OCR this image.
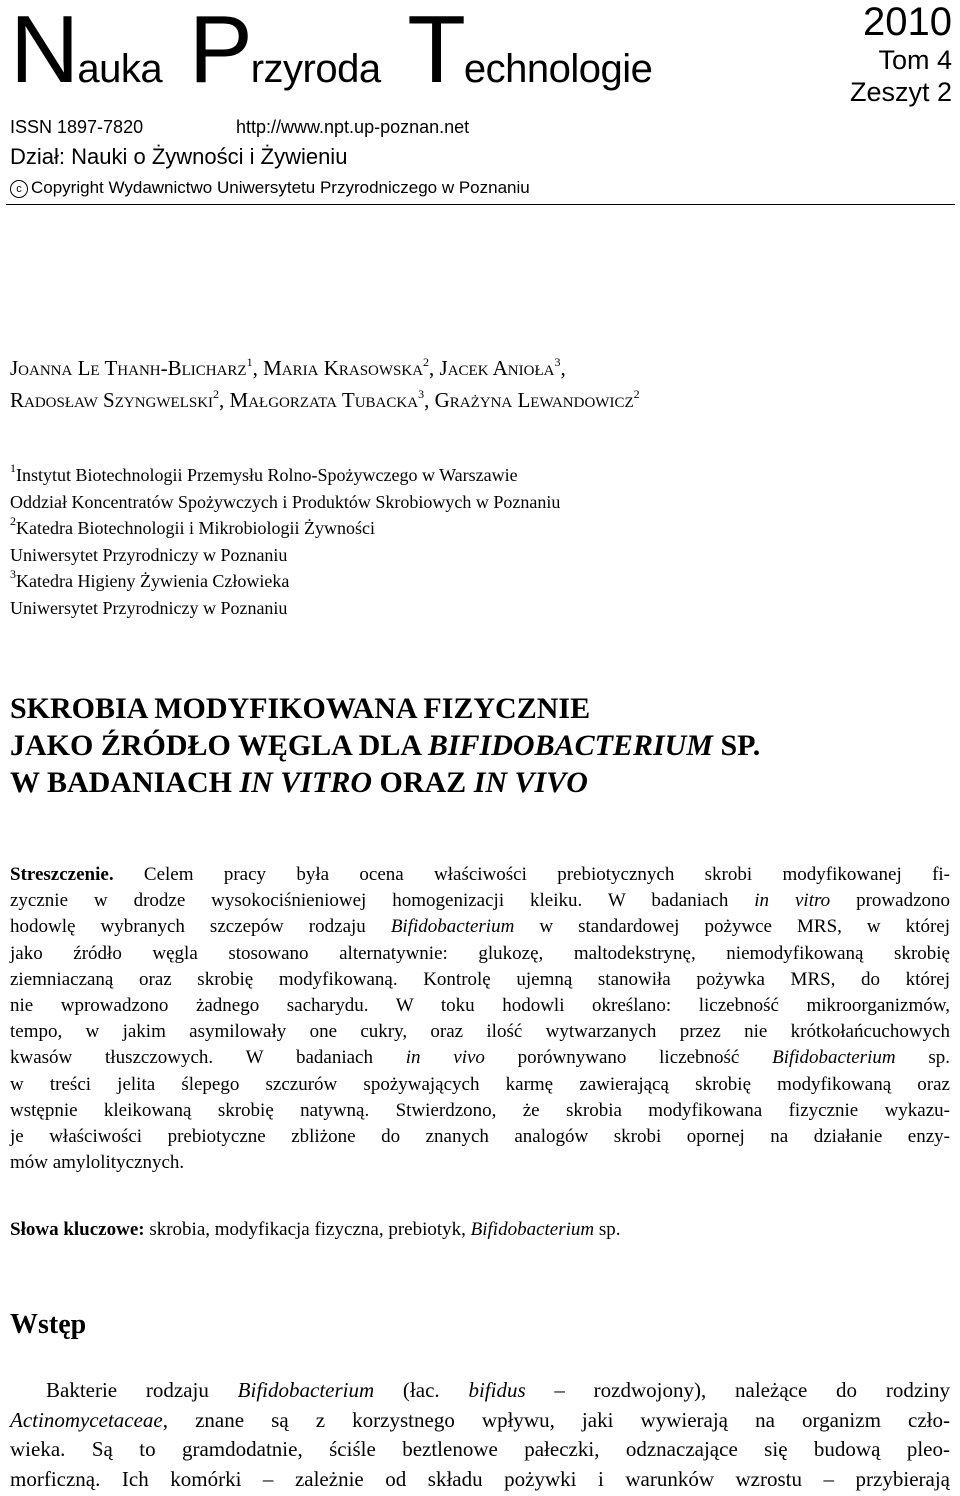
Nauka Przyroda Technologie
2010
Tom 4
Zeszyt 2
ISSN 1897-7820	http://www.npt.up-poznan.net
Dział: Nauki o Żywności i Żywieniu
c Copyright Wydawnictwo Uniwersytetu Przyrodniczego w Poznaniu
Joanna Le Thanh-Blicharz$^1$, Maria Krasowska$^2$, Jacek Anioła$^3$,
Radosław Szyngwelski$^2$, Małgorzata Tubacka$^3$, Grażyna Lewandowicz$^2$
$^1$Instytut Biotechnologii Przemysłu Rolno-Spożywczego w Warszawie
Oddział Koncentratów Spożywczych i Produktów Skrobiowych w Poznaniu
$^2$Katedra Biotechnologii i Mikrobiologii Żywności
Uniwersytet Przyrodniczy w Poznaniu
$^3$Katedra Higieny Żywienia Człowieka
Uniwersytet Przyrodniczy w Poznaniu
SKROBIA MODYFIKOWANA FIZYCZNIE
JAKO ŹRÓDŁO WĘGLA DLA BIFIDOBACTERIUM SP.
W BADANIACH IN VITRO ORAZ IN VIVO
Streszczenie. Celem pracy była ocena właściwości prebiotycznych skrobi modyfikowanej fi-
zycznie w drodze wysokociśnieniowej homogenizacji kleiku. W badaniach in vitro prowadzono
hodowlę wybranych szczepów rodzaju Bifidobacterium w standardowej pożywce MRS, w której
jako źródło węgla stosowano alternatywnie: glukozę, maltodekstrynę, niemodyfikowaną skrobię
ziemniaczaną oraz skrobię modyfikowaną. Kontrolę ujemną stanowiła pożywka MRS, do której
nie wprowadzono żadnego sacharydu. W toku hodowli określano: liczebność mikroorganizmów,
tempo, w jakim asymilowały one cukry, oraz ilość wytwarzanych przez nie krótkołańcuchowych
kwasów tłuszczowych. W badaniach in vivo porównywano liczebność Bifidobacterium sp.
w treści jelita ślepego szczurów spożywających karmę zawierającą skrobię modyfikowaną oraz
wstępnie kleikowaną skrobię natywną. Stwierdzono, że skrobia modyfikowana fizycznie wykazu-
je właściwości prebiotyczne zbliżone do znanych analogów skrobi opornej na działanie enzy-
mów amylolitycznych.
Słowa kluczowe: skrobia, modyfikacja fizyczna, prebiotyk, Bifidobacterium sp.
Wstęp
Bakterie rodzaju Bifidobacterium (łac. bifidus – rozdwojony), należące do rodziny
Actinomycetaceae, znane są z korzystnego wpływu, jaki wywierają na organizm czło-
wieka. Są to gramdodatnie, ściśle beztlenowe pałeczki, odznaczające się budową pleo-
morficzną. Ich komórki – zależnie od składu pożywki i warunków wzrostu – przybierają
